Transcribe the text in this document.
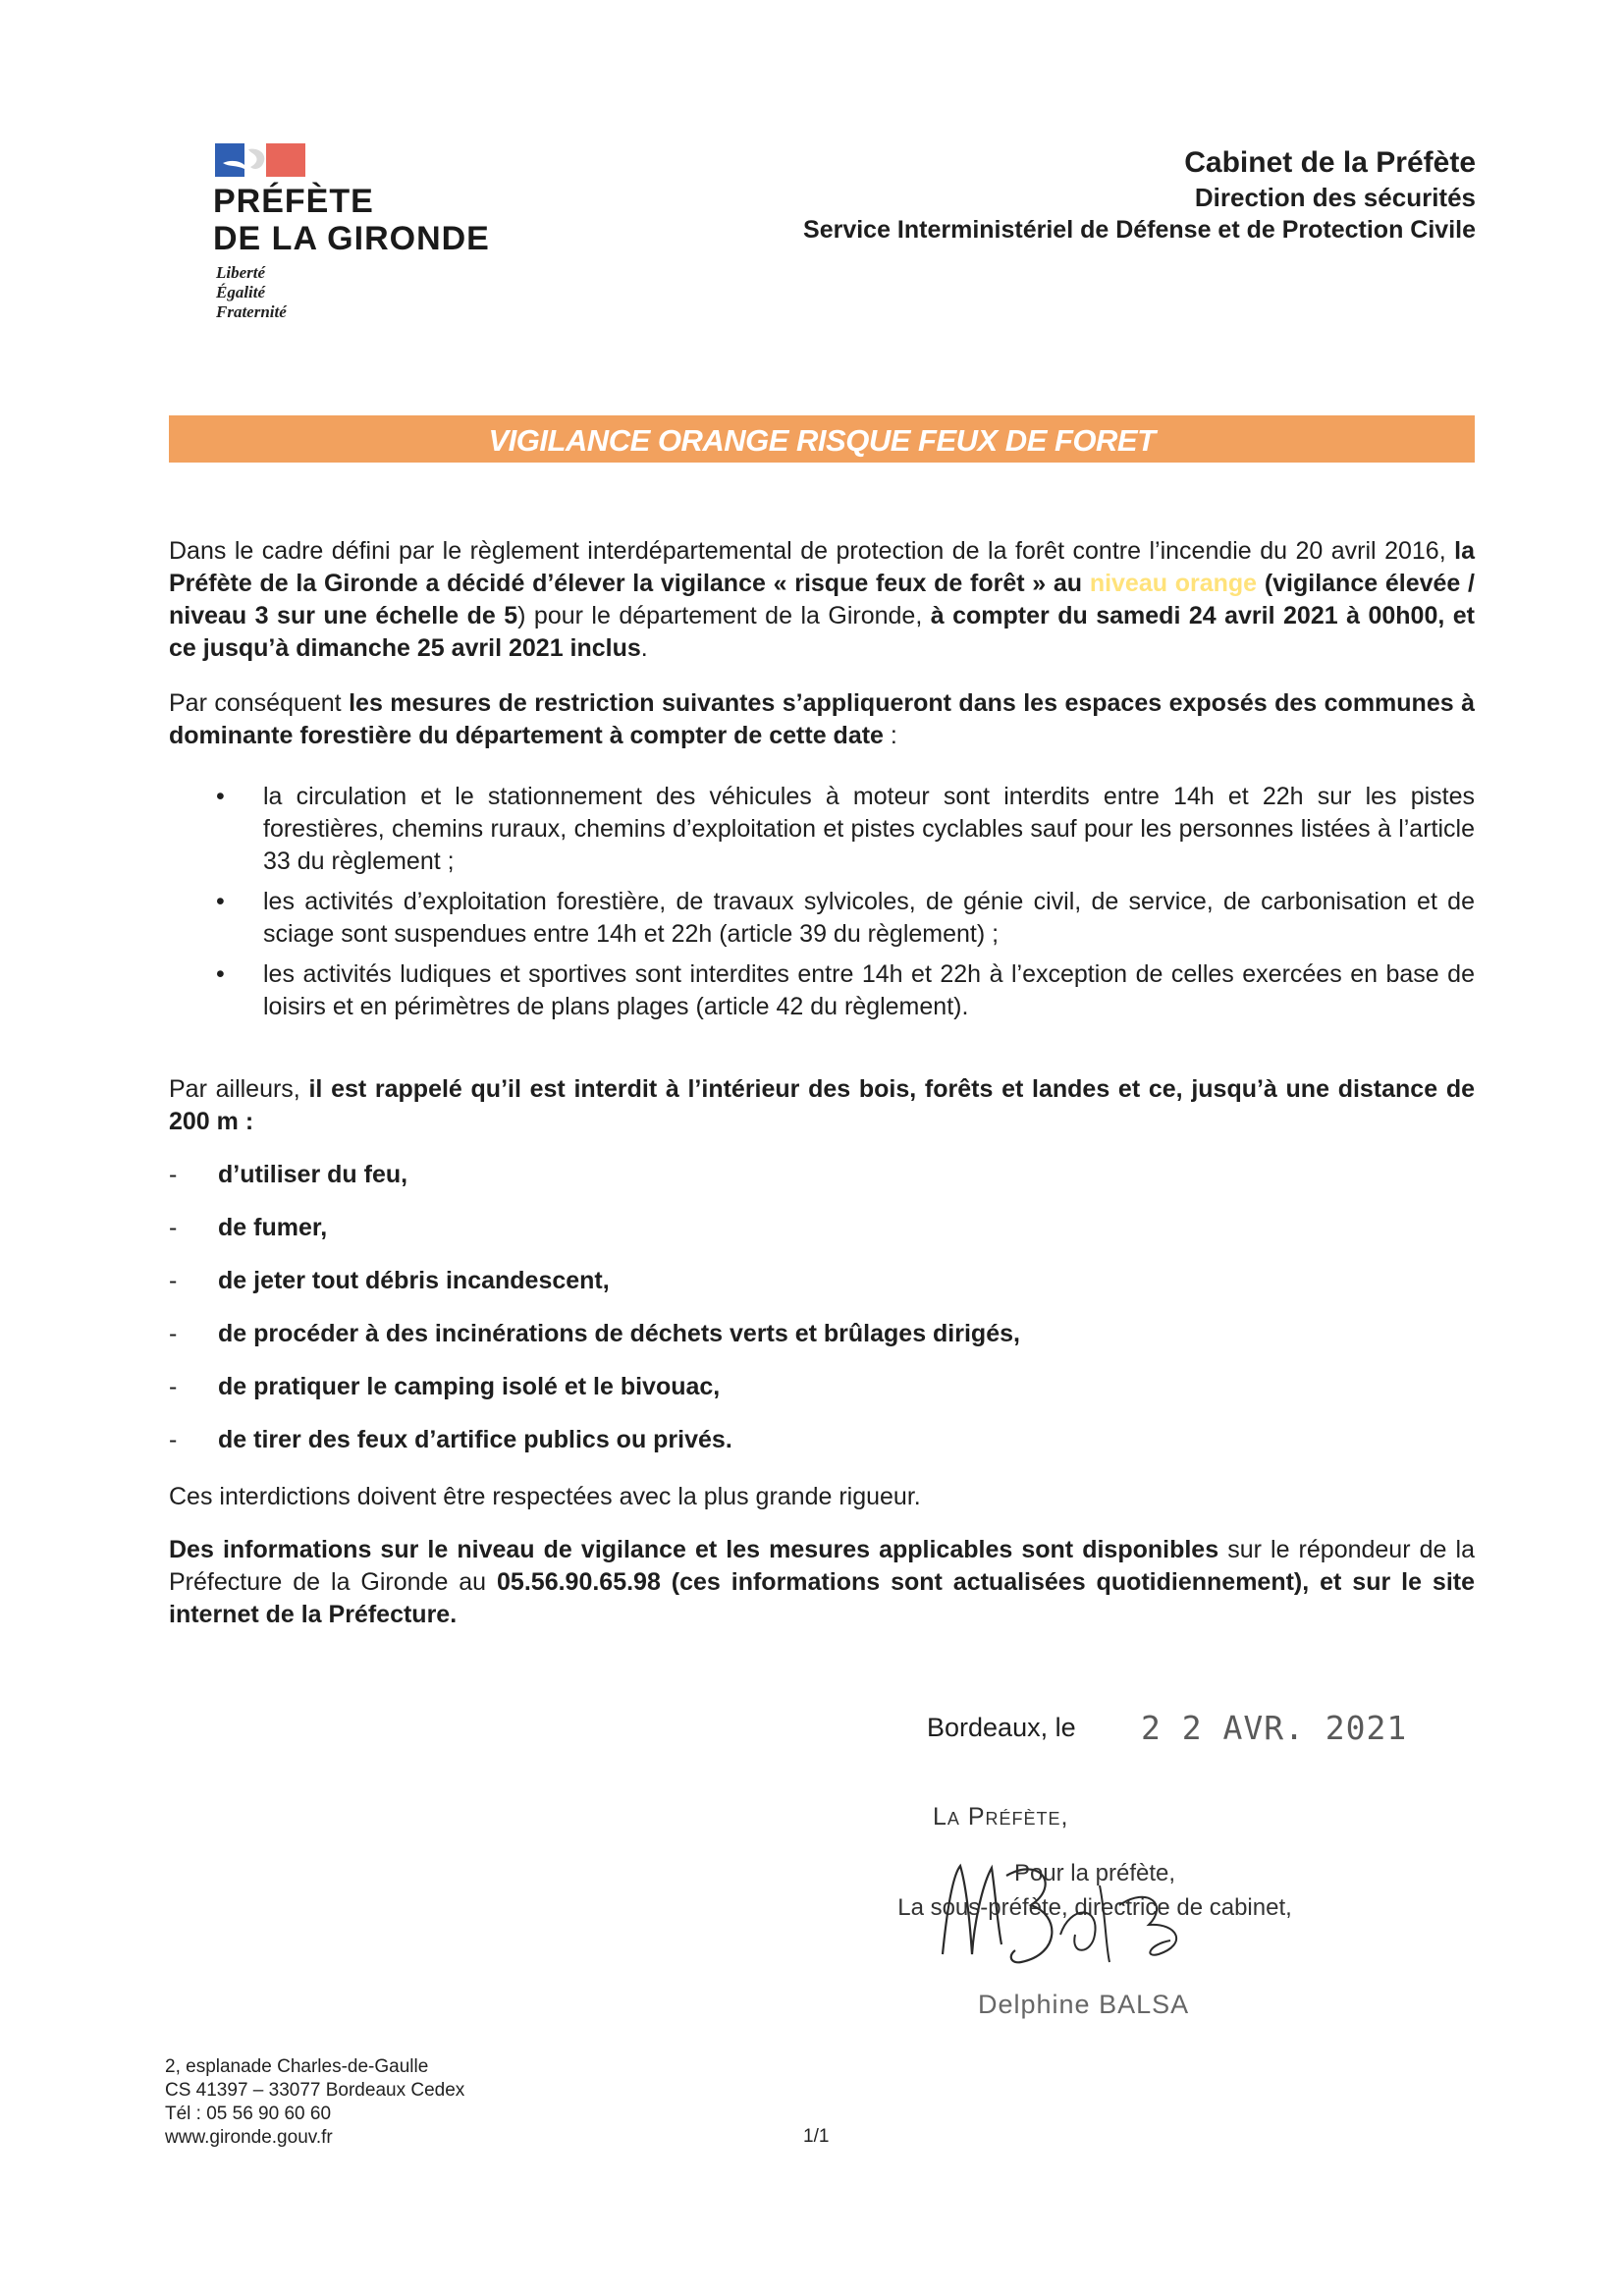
PRÉFÈTE
DE LA GIRONDE
Liberté
Égalité
Fraternité
Cabinet de la Préfète
Direction des sécurités
Service Interministériel de Défense et de Protection Civile
VIGILANCE ORANGE RISQUE FEUX DE FORET

Dans le cadre défini par le règlement interdépartemental de protection de la forêt contre l’incendie du 20 avril 2016, la Préfète de la Gironde a décidé d’élever la vigilance « risque feux de forêt » au niveau orange (vigilance élevée / niveau 3 sur une échelle de 5) pour le département de la Gironde, à compter du samedi 24 avril 2021 à 00h00, et ce jusqu’à dimanche 25 avril 2021 inclus.

Par conséquent les mesures de restriction suivantes s’appliqueront dans les espaces exposés des communes à dominante forestière du département à compter de cette date :

• la circulation et le stationnement des véhicules à moteur sont interdits entre 14h et 22h sur les pistes forestières, chemins ruraux, chemins d’exploitation et pistes cyclables sauf pour les personnes listées à l’article 33 du règlement ;
• les activités d’exploitation forestière, de travaux sylvicoles, de génie civil, de service, de carbonisation et de sciage sont suspendues entre 14h et 22h (article 39 du règlement) ;
• les activités ludiques et sportives sont interdites entre 14h et 22h à l’exception de celles exercées en base de loisirs et en périmètres de plans plages (article 42 du règlement).

Par ailleurs, il est rappelé qu’il est interdit à l’intérieur des bois, forêts et landes et ce, jusqu’à une distance de 200 m :

- d’utiliser du feu,
- de fumer,
- de jeter tout débris incandescent,
- de procéder à des incinérations de déchets verts et brûlages dirigés,
- de pratiquer le camping isolé et le bivouac,
- de tirer des feux d’artifice publics ou privés.

Ces interdictions doivent être respectées avec la plus grande rigueur.

Des informations sur le niveau de vigilance et les mesures applicables sont disponibles sur le répondeur de la Préfecture de la Gironde au 05.56.90.65.98 (ces informations sont actualisées quotidiennement), et sur le site internet de la Préfecture.

Bordeaux, le 2 2 AVR. 2021
La Préfète,
Pour la préfète,
La sous-préfète, directrice de cabinet,
Delphine BALSA
2, esplanade Charles-de-Gaulle
CS 41397 – 33077 Bordeaux Cedex
Tél : 05 56 90 60 60
www.gironde.gouv.fr	1/1
